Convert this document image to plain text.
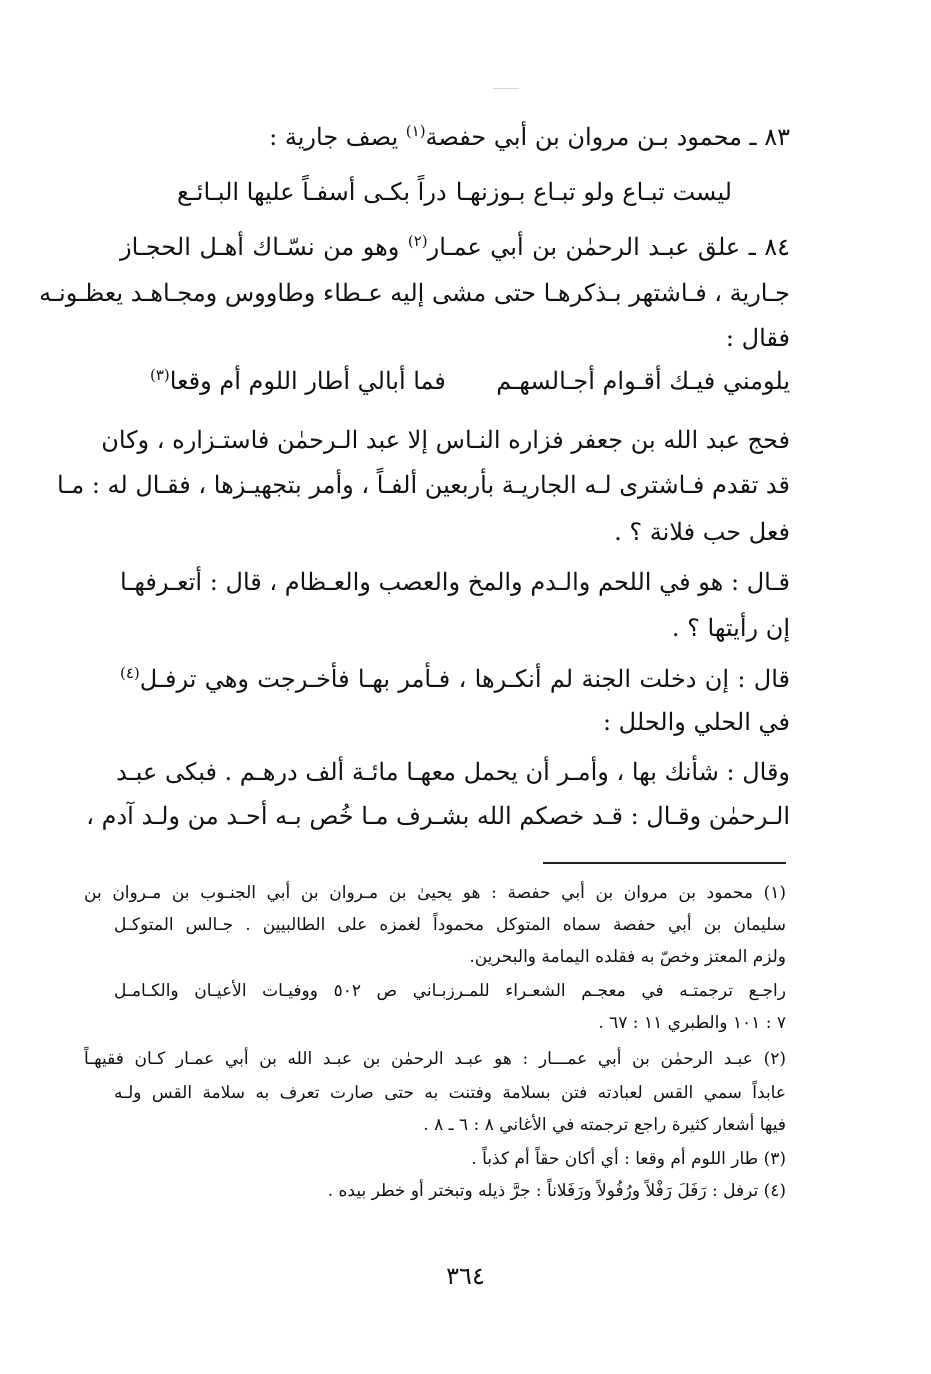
٨٣ ـ محمود بـن مروان بن أبي حفصة$^{(١)}$ يصف جارية :
ليست تبـاع ولو تبـاع بـوزنهـا
دراً بكـى أسفـاً عليها البـائـع
٨٤ ـ علق عبـد الرحمٰن بن أبي عمـار$^{(٢)}$ وهو من نسّـاك أهـل الحجـاز
جـارية ، فـاشتهر بـذكرهـا حتى مشى إليه عـطاء وطاووس ومجـاهـد يعظـونـه
فقال :
يلومني فيـك أقـوام أجـالسهـم
فما أبالي أطار اللوم أم وقعا$^{(٣)}$
فحج عبد الله بن جعفر فزاره النـاس إلا عبد الـرحمٰن فاستـزاره ، وكان
قد تقدم فـاشترى لـه الجاريـة بأربعين ألفـاً ، وأمر بتجهيـزها ، فقـال له : مـا
فعل حب فلانة ؟ .
قـال : هو في اللحم والـدم والمخ والعصب والعـظام ، قال : أتعـرفهـا
إن رأيتها ؟ .
قال : إن دخلت الجنة لم أنكـرها ، فـأمر بهـا فأخـرجت وهي ترفـل$^{(٤)}$
في الحلي والحلل :
وقال : شأنك بها ، وأمـر أن يحمل معهـا مائـة ألف درهـم . فبكى عبـد
الـرحمٰن وقـال : قـد خصكم الله بشـرف مـا خُص بـه أحـد من ولـد آدم ،
(١) محمود بن مروان بن أبي حفصة : هو يحيىٰ بن مـروان بن أبي الجنـوب بن مـروان بن
سليمان بن أبي حفصة سماه المتوكل محموداً لغمزه على الطالبيين . جـالس المتوكـل
ولزم المعتز وخصّ به فقلده اليمامة والبحرين.
راجـع ترجمتـه في معجـم الشعـراء للمـرزبـاني ص ٥٠٢ ووفيـات الأعيـان والكـامـل
٧ : ١٠١ والطبري ١١ : ٦٧ .
(٢) عبـد الرحمٰن بن أبي عمـــار : هو عبـد الرحمٰن بن عبـد الله بن أبي عمـار كـان فقيهـاً
عابداً سمي القس لعبادته فتن بسلامة وفتنت به حتى صارت تعرف به سلامة القس ولـه
فيها أشعار كثيرة راجع ترجمته في الأغاني ٨ : ٦ ـ ٨ .
(٣) طار اللوم أم وقعا : أي أكان حقاً أم كذباً .
(٤) ترفل : رَفَلَ رَفْلاً ورُفُولاً ورَفَلاناً : جرَّ ذيله وتبختر أو خطر بيده .
٣٦٤
